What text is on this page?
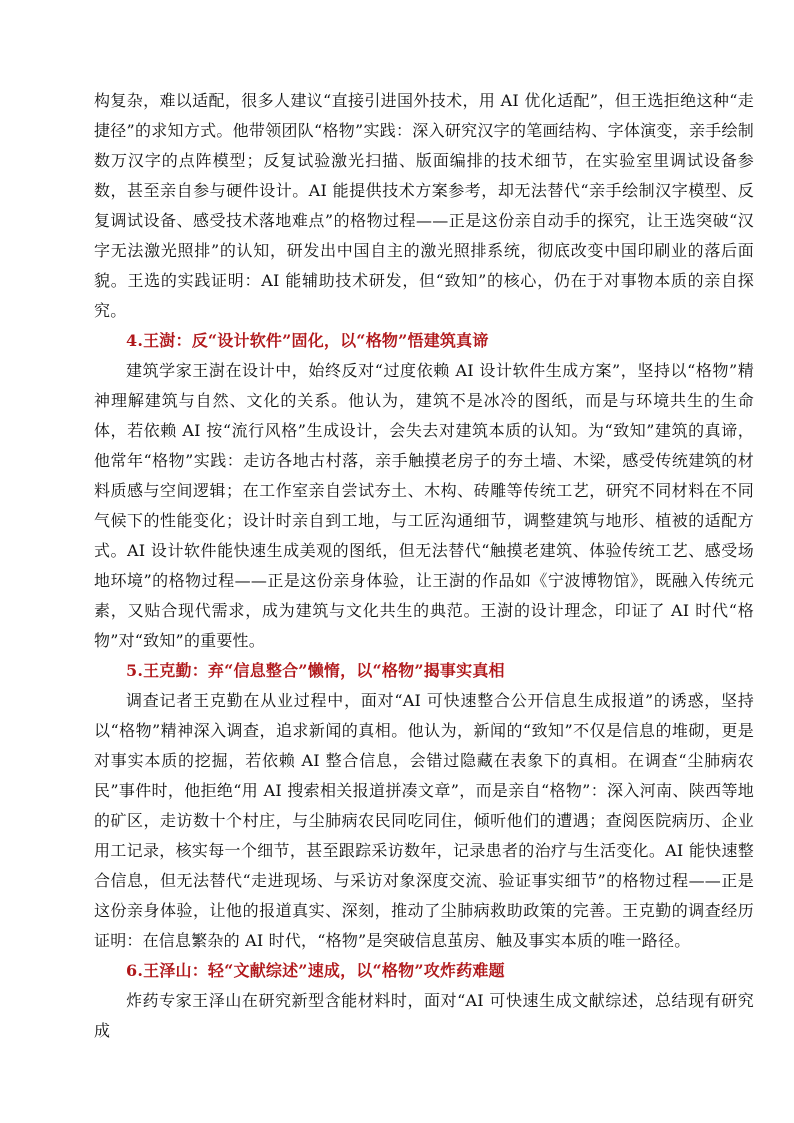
构复杂，难以适配，很多人建议“直接引进国外技术，用 AI 优化适配”，但王选拒绝这种“走捷径”的求知方式。他带领团队“格物”实践：深入研究汉字的笔画结构、字体演变，亲手绘制数万汉字的点阵模型；反复试验激光扫描、版面编排的技术细节，在实验室里调试设备参数，甚至亲自参与硬件设计。AI 能提供技术方案参考，却无法替代“亲手绘制汉字模型、反复调试设备、感受技术落地难点”的格物过程——正是这份亲自动手的探究，让王选突破“汉字无法激光照排”的认知，研发出中国自主的激光照排系统，彻底改变中国印刷业的落后面貌。王选的实践证明：AI 能辅助技术研发，但“致知”的核心，仍在于对事物本质的亲自探究。

4.王澍：反“设计软件”固化，以“格物”悟建筑真谛

建筑学家王澍在设计中，始终反对“过度依赖 AI 设计软件生成方案”，坚持以“格物”精神理解建筑与自然、文化的关系。他认为，建筑不是冰冷的图纸，而是与环境共生的生命体，若依赖 AI 按“流行风格”生成设计，会失去对建筑本质的认知。为“致知”建筑的真谛，他常年“格物”实践：走访各地古村落，亲手触摸老房子的夯土墙、木梁，感受传统建筑的材料质感与空间逻辑；在工作室亲自尝试夯土、木构、砖雕等传统工艺，研究不同材料在不同气候下的性能变化；设计时亲自到工地，与工匠沟通细节，调整建筑与地形、植被的适配方式。AI 设计软件能快速生成美观的图纸，但无法替代“触摸老建筑、体验传统工艺、感受场地环境”的格物过程——正是这份亲身体验，让王澍的作品如《宁波博物馆》，既融入传统元素，又贴合现代需求，成为建筑与文化共生的典范。王澍的设计理念，印证了 AI 时代“格物”对“致知”的重要性。

5.王克勤：弃“信息整合”懒惰，以“格物”揭事实真相

调查记者王克勤在从业过程中，面对“AI 可快速整合公开信息生成报道”的诱惑，坚持以“格物”精神深入调查，追求新闻的真相。他认为，新闻的“致知”不仅是信息的堆砌，更是对事实本质的挖掘，若依赖 AI 整合信息，会错过隐藏在表象下的真相。在调查“尘肺病农民”事件时，他拒绝“用 AI 搜索相关报道拼凑文章”，而是亲自“格物”：深入河南、陕西等地的矿区，走访数十个村庄，与尘肺病农民同吃同住，倾听他们的遭遇；查阅医院病历、企业用工记录，核实每一个细节，甚至跟踪采访数年，记录患者的治疗与生活变化。AI 能快速整合信息，但无法替代“走进现场、与采访对象深度交流、验证事实细节”的格物过程——正是这份亲身体验，让他的报道真实、深刻，推动了尘肺病救助政策的完善。王克勤的调查经历证明：在信息繁杂的 AI 时代，“格物”是突破信息茧房、触及事实本质的唯一路径。

6.王泽山：轻“文献综述”速成，以“格物”攻炸药难题

炸药专家王泽山在研究新型含能材料时，面对“AI 可快速生成文献综述，总结现有研究成
